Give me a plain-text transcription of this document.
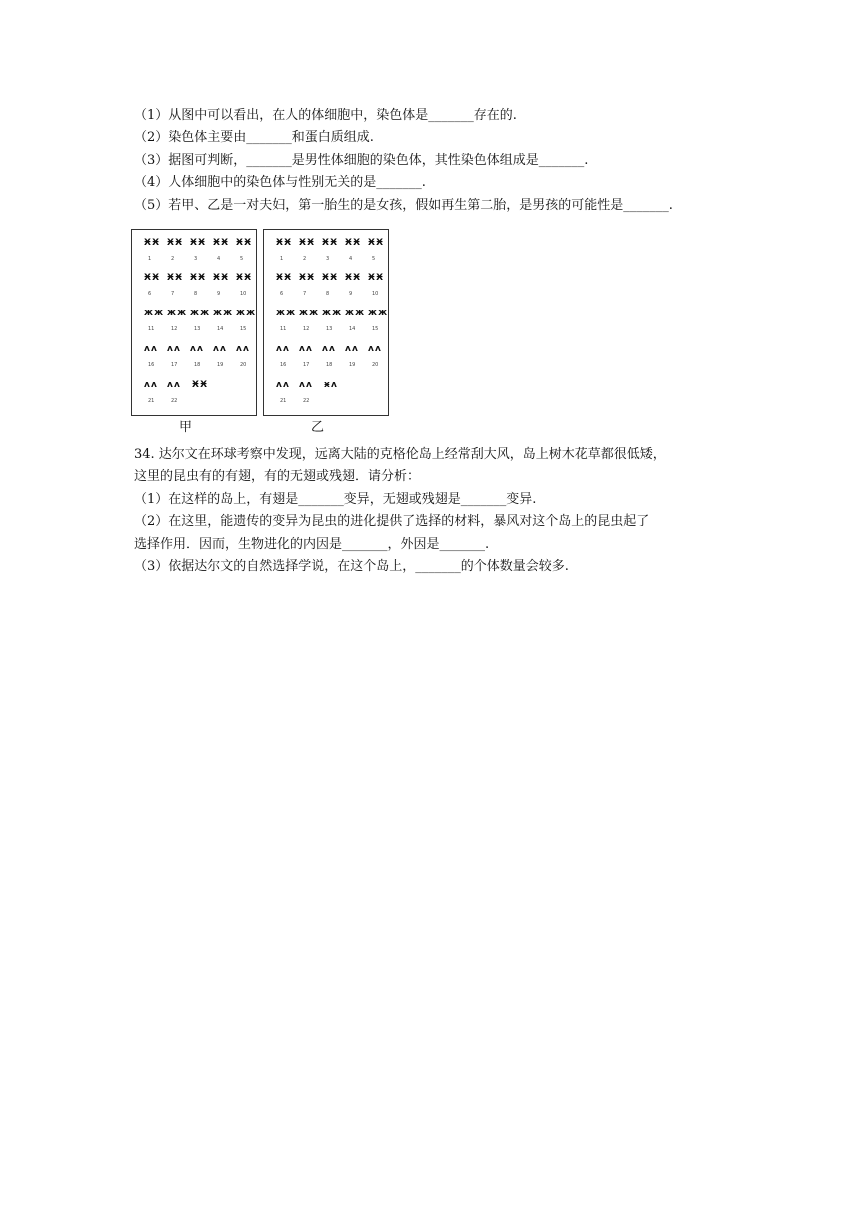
（1）从图中可以看出，在人的体细胞中，染色体是_______存在的.
（2）染色体主要由_______和蛋白质组成.
（3）据图可判断，_______是男性体细胞的染色体，其性染色体组成是_______.
（4）人体细胞中的染色体与性别无关的是_______.
（5）若甲、乙是一对夫妇，第一胎生的是女孩，假如再生第二胎，是男孩的可能性是_______.
Ӿ Ӿ
1
Ӿ Ӿ
2
Ӿ Ӿ
3
Ӿ Ӿ
4
Ӿ Ӿ
5
Ӿ Ӿ
6
Ӿ Ӿ
7
Ӿ Ӿ
8
Ӿ Ӿ
9
Ӿ Ӿ
10
ж ж
11
ж ж
12
ж ж
13
ж ж
14
ж ж
15
ᴧ ᴧ
16
ᴧ ᴧ
17
ᴧ ᴧ
18
ᴧ ᴧ
19
ᴧ ᴧ
20
ᴧ ᴧ
21
ᴧ ᴧ
22
Ӿ Ӿ
Ӿ Ӿ
1
Ӿ Ӿ
2
Ӿ Ӿ
3
Ӿ Ӿ
4
Ӿ Ӿ
5
Ӿ Ӿ
6
Ӿ Ӿ
7
Ӿ Ӿ
8
Ӿ Ӿ
9
Ӿ Ӿ
10
ж ж
11
ж ж
12
ж ж
13
ж ж
14
ж ж
15
ᴧ ᴧ
16
ᴧ ᴧ
17
ᴧ ᴧ
18
ᴧ ᴧ
19
ᴧ ᴧ
20
ᴧ ᴧ
21
ᴧ ᴧ
22
ӿ ᴧ
甲	乙
34. 达尔文在环球考察中发现，远离大陆的克格伦岛上经常刮大风，岛上树木花草都很低矮，
这里的昆虫有的有翅，有的无翅或残翅．请分析：
（1）在这样的岛上，有翅是_______变异，无翅或残翅是_______变异.
（2）在这里，能遗传的变异为昆虫的进化提供了选择的材料，暴风对这个岛上的昆虫起了
选择作用．因而，生物进化的内因是_______，外因是_______.
（3）依据达尔文的自然选择学说，在这个岛上，_______的个体数量会较多.
